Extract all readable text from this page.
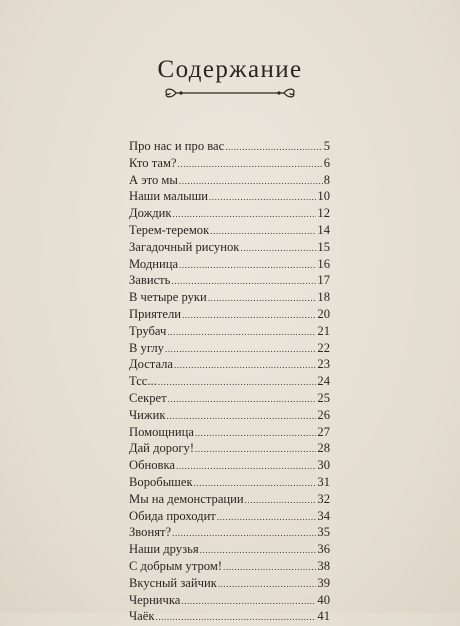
Содержание
Про нас и про вас .....	5
Кто там? .....	6
А это мы .....	8
Наши малыши .....	10
Дождик .....	12
Терем-теремок .....	14
Загадочный рисунок .....	15
Модница .....	16
Зависть .....	17
В четыре руки .....	18
Приятели .....	20
Трубач .....	21
В углу .....	22
Достала .....	23
Тсс... .....	24
Секрет .....	25
Чижик .....	26
Помощница .....	27
Дай дорогу! .....	28
Обновка .....	30
Воробышек .....	31
Мы на демонстрации .....	32
Обида проходит .....	34
Звонят? .....	35
Наши друзья .....	36
С добрым утром! .....	38
Вкусный зайчик .....	39
Черничка .....	40
Чаёк .....	41
